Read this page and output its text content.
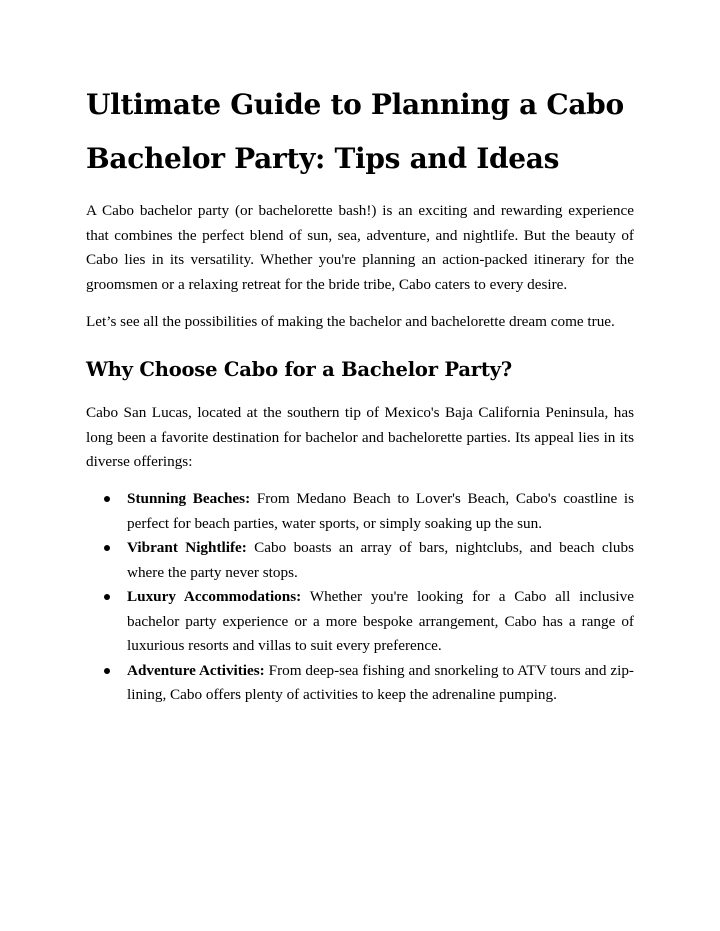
Ultimate Guide to Planning a Cabo Bachelor Party: Tips and Ideas

A Cabo bachelor party (or bachelorette bash!) is an exciting and rewarding experience that combines the perfect blend of sun, sea, adventure, and nightlife. But the beauty of Cabo lies in its versatility. Whether you're planning an action-packed itinerary for the groomsmen or a relaxing retreat for the bride tribe, Cabo caters to every desire.

Let’s see all the possibilities of making the bachelor and bachelorette dream come true.

Why Choose Cabo for a Bachelor Party?

Cabo San Lucas, located at the southern tip of Mexico's Baja California Peninsula, has long been a favorite destination for bachelor and bachelorette parties. Its appeal lies in its diverse offerings:

Stunning Beaches: From Medano Beach to Lover's Beach, Cabo's coastline is perfect for beach parties, water sports, or simply soaking up the sun.
Vibrant Nightlife: Cabo boasts an array of bars, nightclubs, and beach clubs where the party never stops.
Luxury Accommodations: Whether you're looking for a Cabo all inclusive bachelor party experience or a more bespoke arrangement, Cabo has a range of luxurious resorts and villas to suit every preference.
Adventure Activities: From deep-sea fishing and snorkeling to ATV tours and zip-lining, Cabo offers plenty of activities to keep the adrenaline pumping.
